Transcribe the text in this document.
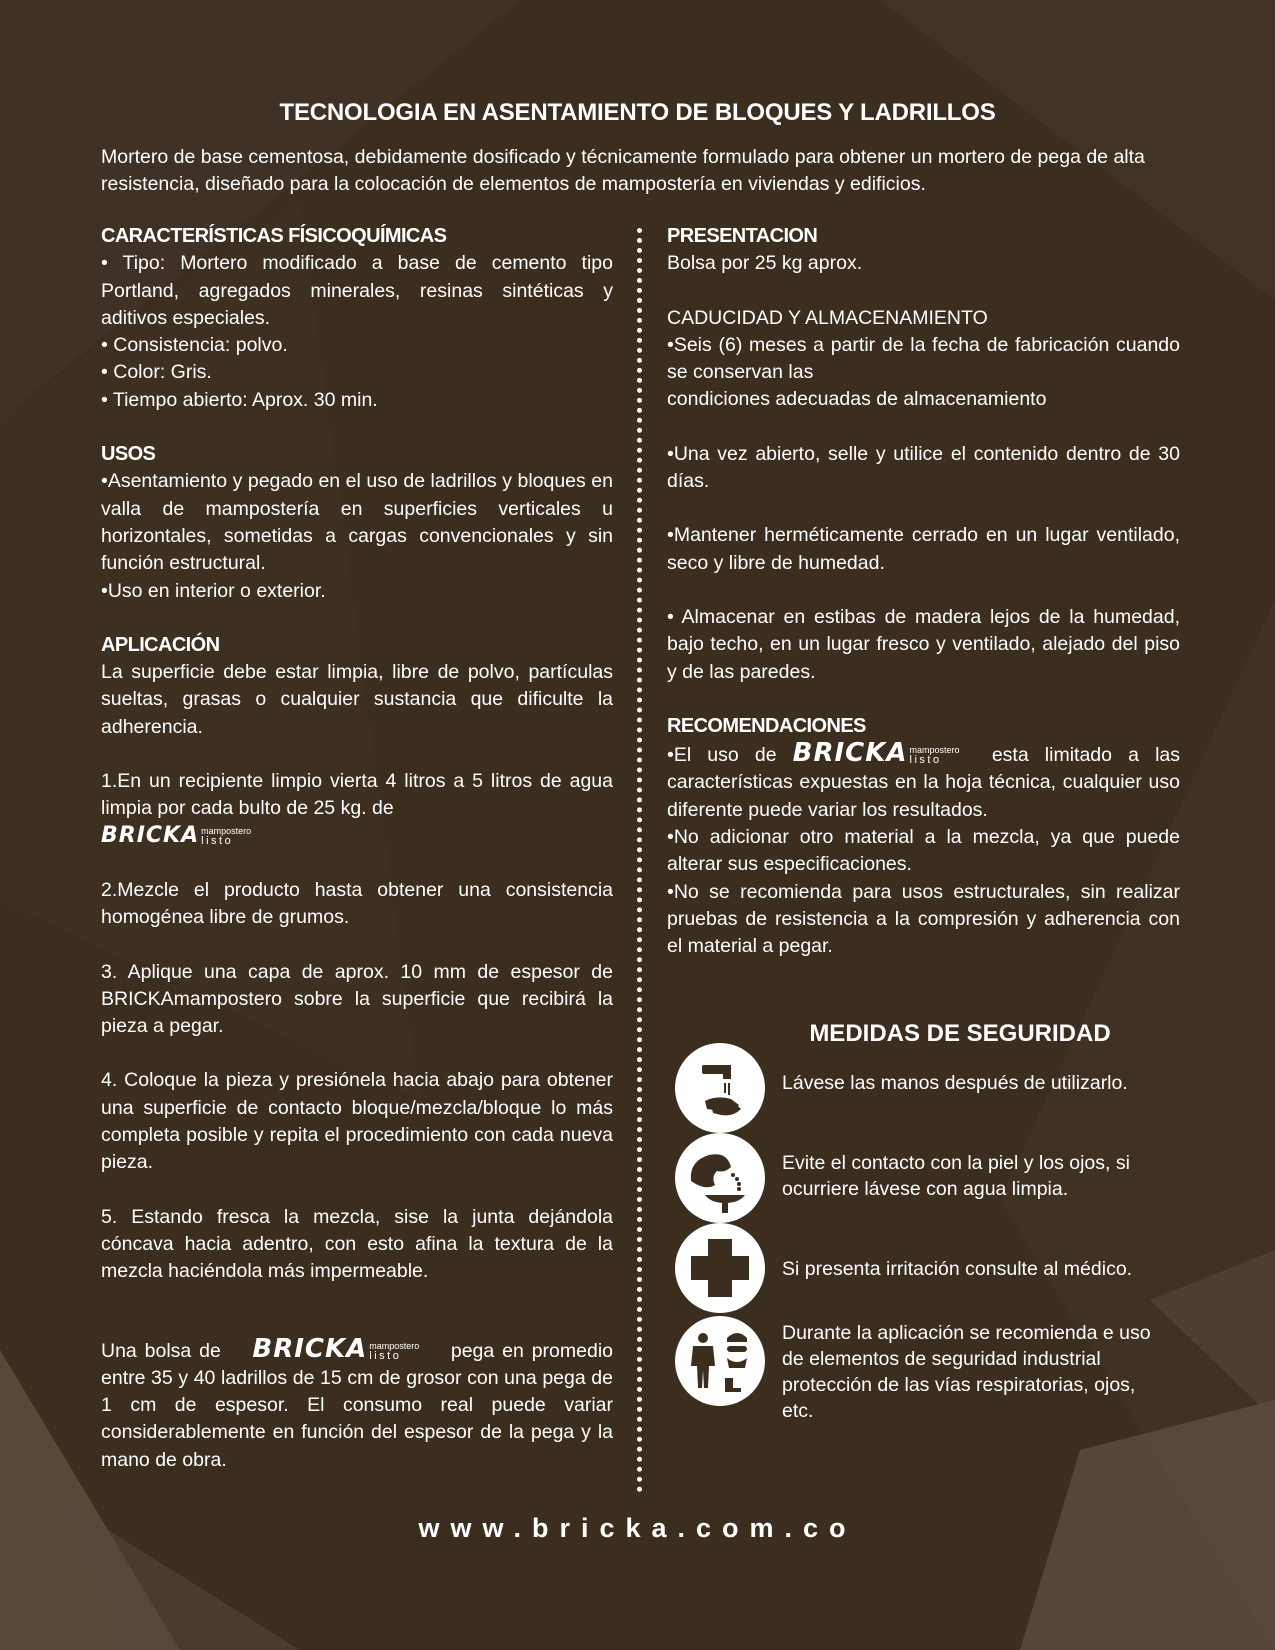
TECNOLOGIA EN ASENTAMIENTO DE BLOQUES Y LADRILLOS
Mortero de base cementosa, debidamente dosificado y técnicamente formulado para obtener un mortero de pega de alta resistencia, diseñado para la colocación de elementos de mampostería en viviendas y edificios.

CARACTERÍSTICAS FÍSICOQUÍMICAS

• Tipo: Mortero modificado a base de cemento tipo Portland, agregados minerales, resinas sintéticas y aditivos especiales.

• Consistencia: polvo.

• Color: Gris.

• Tiempo abierto: Aprox. 30 min.

USOS

•Asentamiento y pegado en el uso de ladrillos y bloques en valla de mampostería en superficies verticales u horizontales, sometidas a cargas convencionales y sin función estructural.

•Uso en interior o exterior.

APLICACIÓN

La superficie debe estar limpia, libre de polvo, partículas sueltas, grasas o cualquier sustancia que dificulte la adherencia.

1.En un recipiente limpio vierta 4 litros a 5 litros de agua limpia por cada bulto de 25 kg. de

BRICKA mampostero
listo

2.Mezcle el producto hasta obtener una consistencia homogénea libre de grumos.

3. Aplique una capa de aprox. 10 mm de espesor de BRICKAmampostero sobre la superficie que recibirá la pieza a pegar.

4. Coloque la pieza y presiónela hacia abajo para obtener una superficie de contacto bloque/mezcla/bloque lo más completa posible y repita el procedimiento con cada nueva pieza.

5. Estando fresca la mezcla, sise la junta dejándola cóncava hacia adentro, con esto afina la textura de la mezcla haciéndola más impermeable.

Una bolsa de BRICKA mampostero
listo	pega en promedio entre 35 y 40 ladrillos de 15 cm de grosor con una pega de 1 cm de espesor. El consumo real puede variar considerablemente en función del espesor de la pega y la mano de obra.

PRESENTACION

Bolsa por 25 kg aprox.

CADUCIDAD Y ALMACENAMIENTO

•Seis (6) meses a partir de la fecha de fabricación cuando se conservan las

condiciones adecuadas de almacenamiento

•Una vez abierto, selle y utilice el contenido dentro de 30 días.

•Mantener herméticamente cerrado en un lugar ventilado, seco y libre de humedad.

• Almacenar en estibas de madera lejos de la humedad, bajo techo, en un lugar fresco y ventilado, alejado del piso y de las paredes.

RECOMENDACIONES

•El uso de BRICKA mampostero
listo	esta limitado a las características expuestas en la hoja técnica, cualquier uso diferente puede variar los resultados.

•No adicionar otro material a la mezcla, ya que puede alterar sus especificaciones.

•No se recomienda para usos estructurales, sin realizar pruebas de resistencia a la compresión y adherencia con el material a pegar.

MEDIDAS DE SEGURIDAD
Lávese las manos después de utilizarlo.
Evite el contacto con la piel y los ojos, si ocurriere lávese con agua limpia.
Si presenta irritación consulte al médico.
Durante la aplicación se recomienda e uso de elementos de seguridad industrial protección de las vías respiratorias, ojos, etc.
www.bricka.com.co
